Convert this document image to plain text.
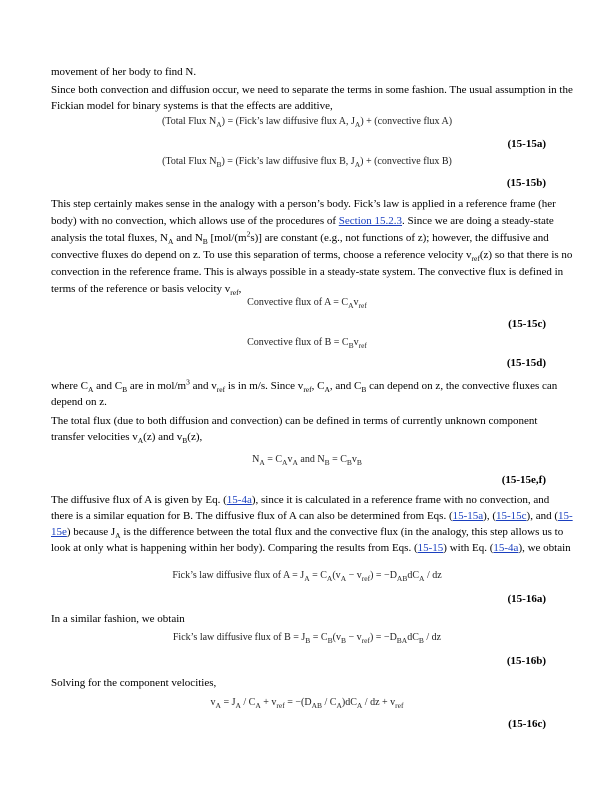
movement of her body to find N.

Since both convection and diffusion occur, we need to separate the terms in some fashion. The usual assumption in the Fickian model for binary systems is that the effects are additive,

(Total Flux $N_A$) = (Fick’s law diffusive flux A, $J_A$) + (convective flux A)
(15-15a)
(Total Flux $N_B$) = (Fick’s law diffusive flux B, $J_A$) + (convective flux B)
(15-15b)

This step certainly makes sense in the analogy with a person’s body. Fick’s law is applied in a reference frame (her body) with no convection, which allows use of the procedures of Section 15.2.3. Since we are doing a steady-state analysis the total fluxes, $N_A$ and $N_B$ $[mol/(m^2s)]$ are constant (e.g., not functions of z); however, the diffusive and convective fluxes do depend on z. To use this separation of terms, choose a reference velocity $v_{ref}(z)$ so that there is no convection in the reference frame. This is always possible in a steady-state system. The convective flux is defined in terms of the reference or basis velocity $v_{ref}$,

Convective flux of $A = C_Av_{ref}$
(15-15c)
Convective flux of $B = C_Bv_{ref}$
(15-15d)

where $C_A$ and $C_B$ are in mol/$m^3$ and $v_{ref}$ is in m/s. Since $v_{ref}$, $C_A$, and $C_B$ can depend on z, the convective fluxes can depend on z.

The total flux (due to both diffusion and convection) can be defined in terms of currently unknown component transfer velocities $v_A(z)$ and $v_B(z)$,

$N_A = C_Av_A$ and $N_B = C_Bv_B$
(15-15e,f)

The diffusive flux of A is given by Eq. (15-4a), since it is calculated in a reference frame with no convection, and there is a similar equation for B. The diffusive flux of A can also be determined from Eqs. (15-15a), (15-15c), and (15-15e) because $J_A$ is the difference between the total flux and the convective flux (in the analogy, this step allows us to look at only what is happening within her body). Comparing the results from Eqs. (15-15) with Eq. (15-4a), we obtain

Fick’s law diffusive flux of $A = J_A = C_A(v_A - v_{ref}) = -D_{AB}dC_A$ / dz
(15-16a)

In a similar fashion, we obtain

Fick’s law diffusive flux of $B = J_B = C_B(v_B - v_{ref}) = -D_{BA}dC_B$ / dz
(15-16b)

Solving for the component velocities,

$v_A = J_A / C_A + v_{ref} = -(D_{AB} / C_A)dC_A$ / dz + $v_{ref}$
(15-16c)
